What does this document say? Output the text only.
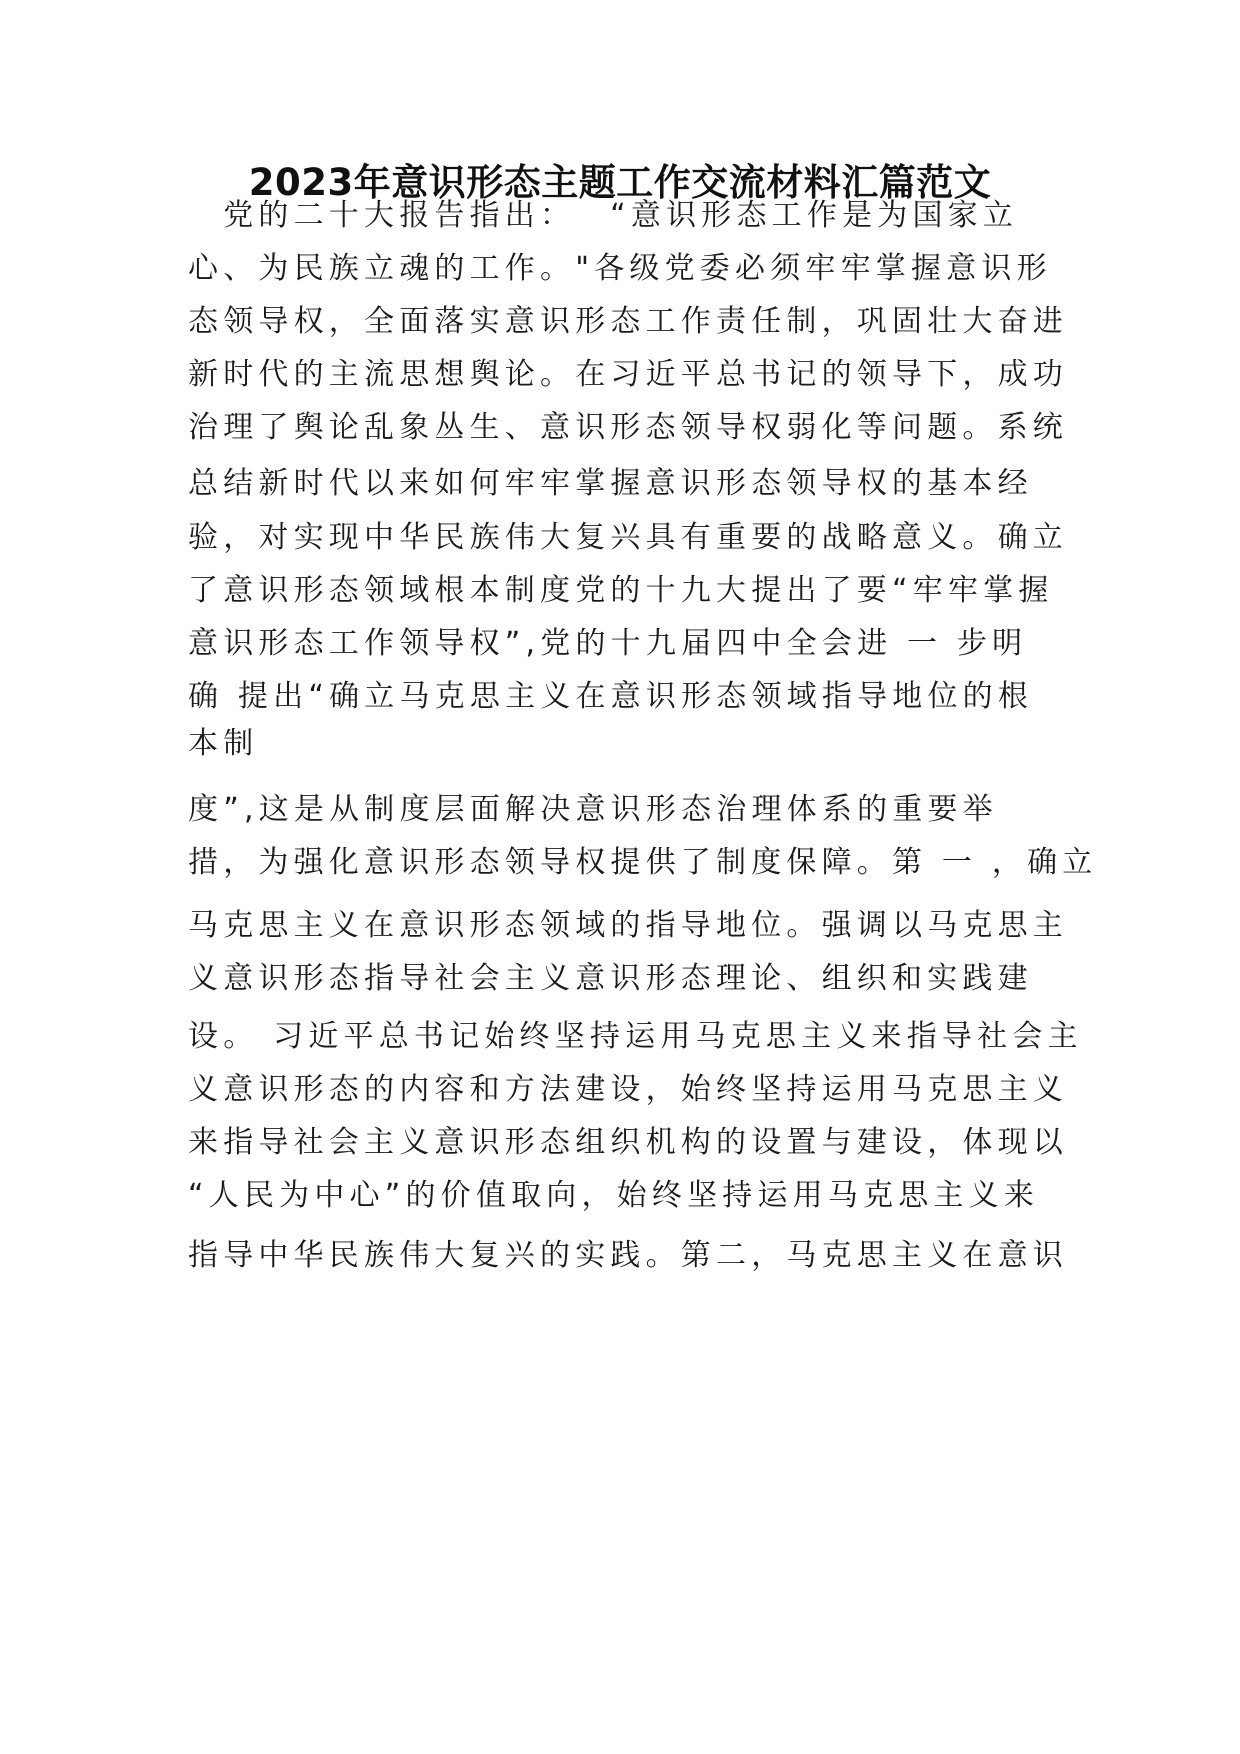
2023年意识形态主题工作交流材料汇篇范文

　党的二十大报告指出：　 “意识形态工作是为国家立

心、为民族立魂的工作。"各级党委必须牢牢掌握意识形

态领导权，全面落实意识形态工作责任制，巩固壮大奋进

新时代的主流思想舆论。在习近平总书记的领导下，成功

治理了舆论乱象丛生、意识形态领导权弱化等问题。系统

总结新时代以来如何牢牢掌握意识形态领导权的基本经

验，对实现中华民族伟大复兴具有重要的战略意义。确立

了意识形态领域根本制度党的十九大提出了要“牢牢掌握

意识形态工作领导权”,党的十九届四中全会进 一 步明

确 提出“确立马克思主义在意识形态领域指导地位的根

本制

度”,这是从制度层面解决意识形态治理体系的重要举

措，为强化意识形态领导权提供了制度保障。第 一 ，确立

马克思主义在意识形态领域的指导地位。强调以马克思主

义意识形态指导社会主义意识形态理论、组织和实践建

设。 习近平总书记始终坚持运用马克思主义来指导社会主

义意识形态的内容和方法建设，始终坚持运用马克思主义

来指导社会主义意识形态组织机构的设置与建设，体现以

“人民为中心”的价值取向，始终坚持运用马克思主义来

指导中华民族伟大复兴的实践。第二，马克思主义在意识
